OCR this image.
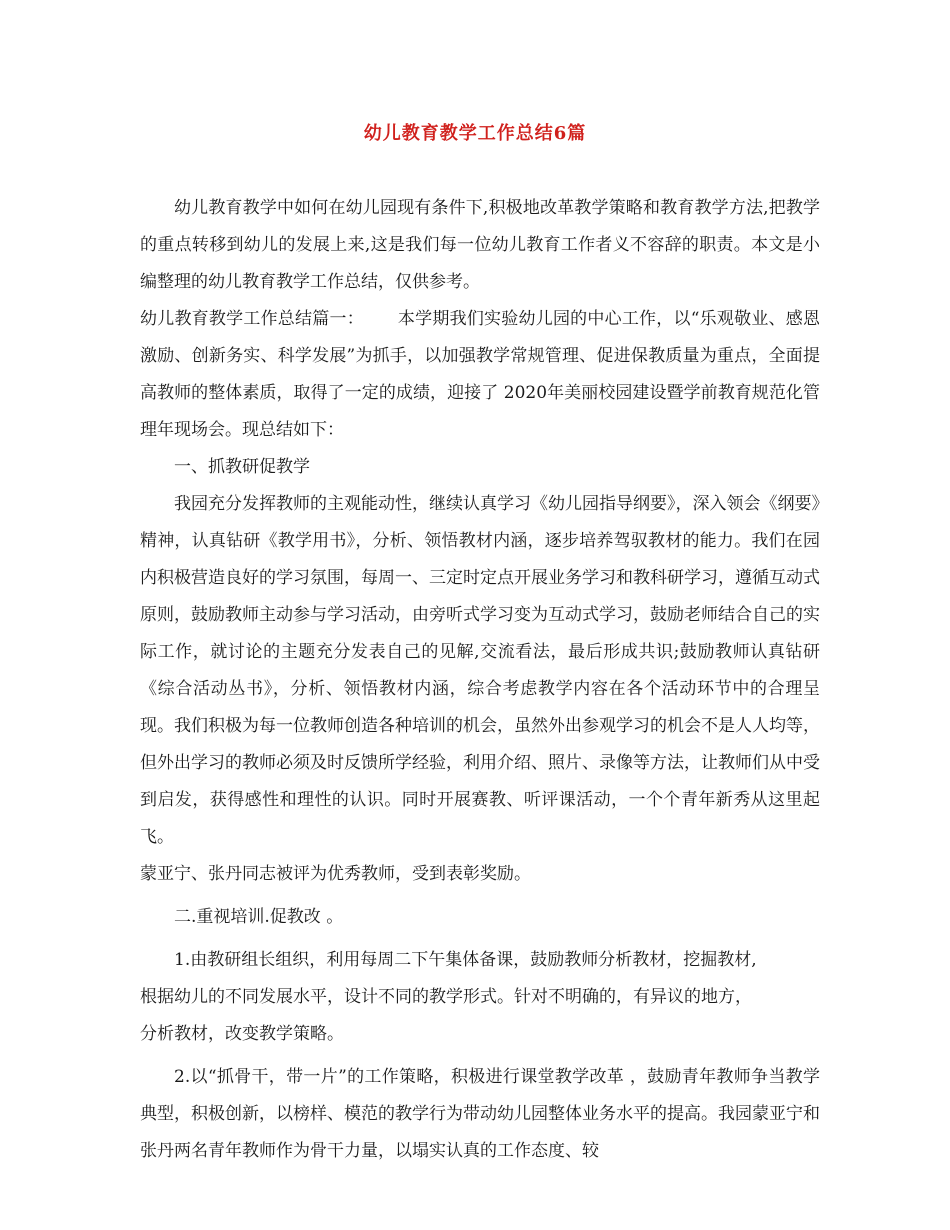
幼儿教育教学工作总结6篇

幼儿教育教学中如何在幼儿园现有条件下,积极地改革教学策略和教育教学方法,把教学的重点转移到幼儿的发展上来,这是我们每一位幼儿教育工作者义不容辞的职责。本文是小编整理的幼儿教育教学工作总结，仅供参考。

幼儿教育教学工作总结篇一： 本学期我们实验幼儿园的中心工作，以“乐观敬业、感恩激励、创新务实、科学发展”为抓手，以加强教学常规管理、促进保教质量为重点，全面提高教师的整体素质，取得了一定的成绩，迎接了 2020年美丽校园建设暨学前教育规范化管理年现场会。现总结如下：

一、抓教研促教学

我园充分发挥教师的主观能动性，继续认真学习《幼儿园指导纲要》，深入领会《纲要》精神，认真钻研《教学用书》，分析、领悟教材内涵，逐步培养驾驭教材的能力。我们在园内积极营造良好的学习氛围，每周一、三定时定点开展业务学习和教科研学习，遵循互动式原则，鼓励教师主动参与学习活动，由旁听式学习变为互动式学习，鼓励老师结合自己的实际工作，就讨论的主题充分发表自己的见解,交流看法，最后形成共识;鼓励教师认真钻研《综合活动丛书》，分析、领悟教材内涵，综合考虑教学内容在各个活动环节中的合理呈现。我们积极为每一位教师创造各种培训的机会，虽然外出参观学习的机会不是人人均等，但外出学习的教师必须及时反馈所学经验，利用介绍、照片、录像等方法，让教师们从中受到启发，获得感性和理性的认识。同时开展赛教、听评课活动，一个个青年新秀从这里起飞。

蒙亚宁、张丹同志被评为优秀教师，受到表彰奖励。

二.重视培训.促教改 。

1.由教研组长组织，利用每周二下午集体备课，鼓励教师分析教材，挖掘教材,

根据幼儿的不同发展水平，设计不同的教学形式。针对不明确的，有异议的地方，

分析教材，改变教学策略。

2.以“抓骨干，带一片”的工作策略，积极进行课堂教学改革 ，鼓励青年教师争当教学典型，积极创新，以榜样、模范的教学行为带动幼儿园整体业务水平的提高。我园蒙亚宁和张丹两名青年教师作为骨干力量，以塌实认真的工作态度、较
